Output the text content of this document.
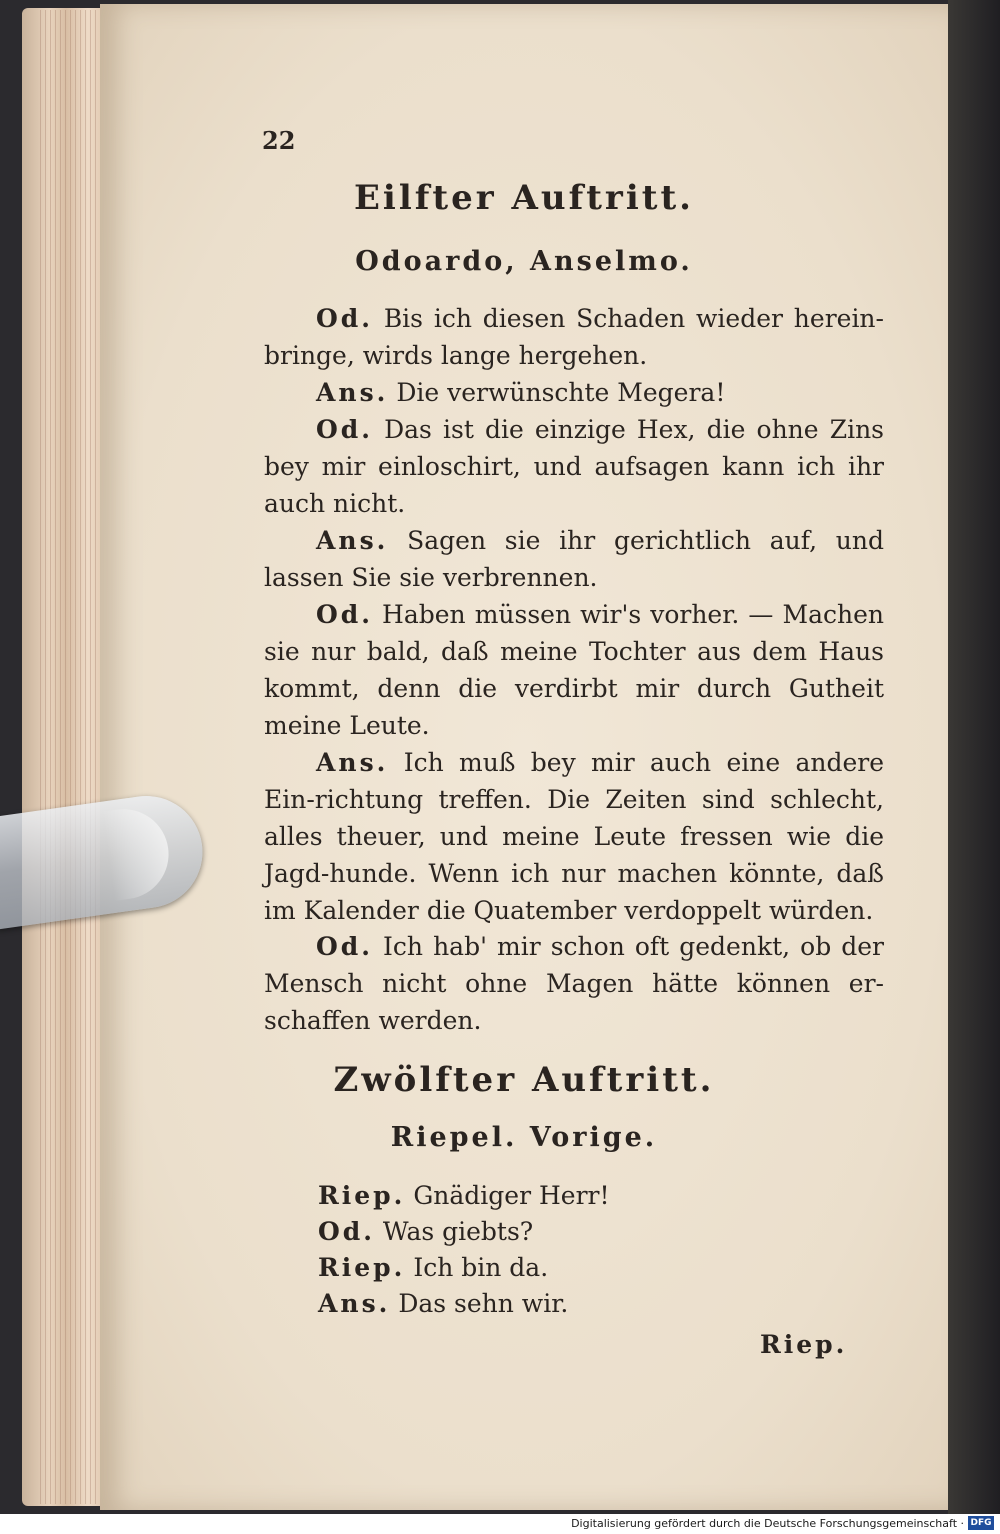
22
Eilfter Auftritt.
Odoardo, Anselmo.

Od. Bis ich diesen Schaden wieder herein-bringe, wirds lange hergehen.

Ans. Die verwünschte Megera!

Od. Das ist die einzige Hex, die ohne Zins bey mir einloschirt, und aufsagen kann ich ihr auch nicht.

Ans. Sagen sie ihr gerichtlich auf, und lassen Sie sie verbrennen.

Od. Haben müssen wir's vorher. — Machen sie nur bald, daß meine Tochter aus dem Haus kommt, denn die verdirbt mir durch Gutheit meine Leute.

Ans. Ich muß bey mir auch eine andere Ein-richtung treffen. Die Zeiten sind schlecht, alles theuer, und meine Leute fressen wie die Jagd-hunde. Wenn ich nur machen könnte, daß im Kalender die Quatember verdoppelt würden.

Od. Ich hab' mir schon oft gedenkt, ob der Mensch nicht ohne Magen hätte können er-schaffen werden.

Zwölfter Auftritt.
Riepel. Vorige.
Riep. Gnädiger Herr!
Od. Was giebts?
Riep. Ich bin da.
Ans. Das sehn wir.
Riep.
Digitalisierung gefördert durch die Deutsche Forschungsgemeinschaft · DFG
